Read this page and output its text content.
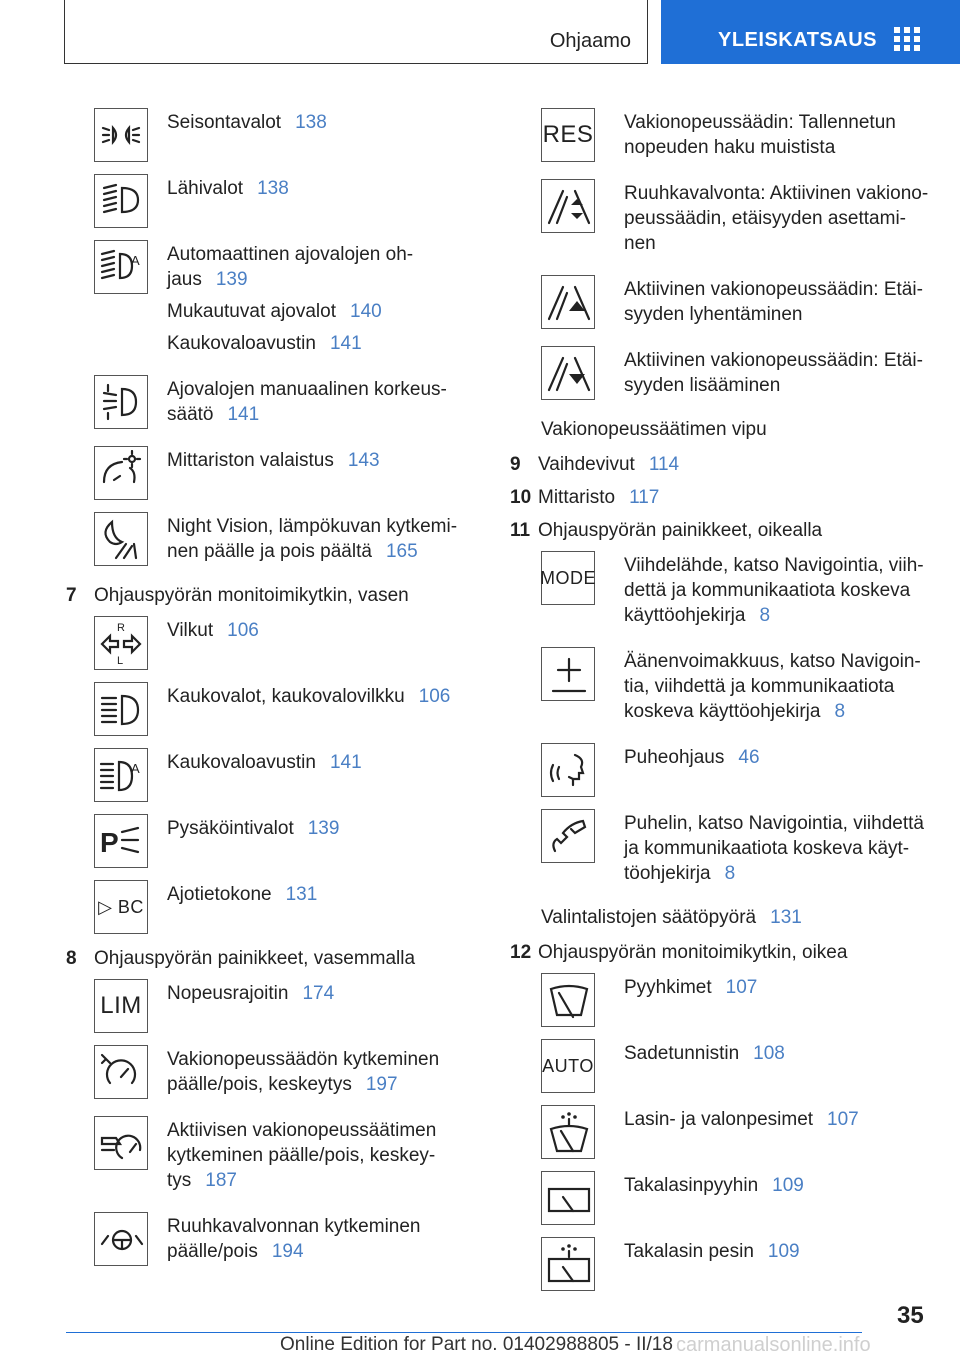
Ohjaamo	YLEISKATSAUS
Seisontavalot 138
Lähivalot 138
A Automaattinen ajovalojen oh-
jaus 139
Mukautuvat ajovalot 140
Kaukovaloavustin 141
Ajovalojen manuaalinen korkeus-
säätö 141
Mittariston valaistus 143
Night Vision, lämpökuvan kytkemi-
nen päälle ja pois päältä 165
7 Ohjauspyörän monitoimikytkin, vasen
R
L
Vilkut 106
Kaukovalot, kaukovalovilkku 106
A Kaukovaloavustin 141
P	Pysäköintivalot 139
▷ BC
Ajotietokone 131
8 Ohjauspyörän painikkeet, vasemmalla
LIM Nopeusrajoitin 174
Vakionopeussäädön kytkeminen
päälle/pois, keskeytys 197
Aktiivisen vakionopeussäätimen
kytkeminen päälle/pois, keskey-
tys 187
Ruuhkavalvonnan kytkeminen
päälle/pois 194
RES Vakionopeussäädin: Tallennetun
nopeuden haku muistista
Ruuhkavalvonta: Aktiivinen vakiono-
peussäädin, etäisyyden asettami-
nen
Aktiivinen vakionopeussäädin: Etäi-
syyden lyhentäminen
Aktiivinen vakionopeussäädin: Etäi-
syyden lisääminen
Vakionopeussäätimen vipu
9 Vaihdevivut 114
10 Mittaristo 117
11 Ohjauspyörän painikkeet, oikealla
MODE
Viihdelähde, katso Navigointia, viih-
dettä ja kommunikaatiota koskeva
käyttöohjekirja 8
Äänenvoimakkuus, katso Navigoin-
tia, viihdettä ja kommunikaatiota
koskeva käyttöohjekirja 8
Puheohjaus 46
Puhelin, katso Navigointia, viihdettä
ja kommunikaatiota koskeva käyt-
töohjekirja 8
Valintalistojen säätöpyörä 131
12 Ohjauspyörän monitoimikytkin, oikea
Pyyhkimet 107
AUTO
Sadetunnistin 108
Lasin- ja valonpesimet 107
Takalasinpyyhin 109
Takalasin pesin 109
35
Online Edition for Part no. 01402988805 - II/18 carmanualsonline.info
